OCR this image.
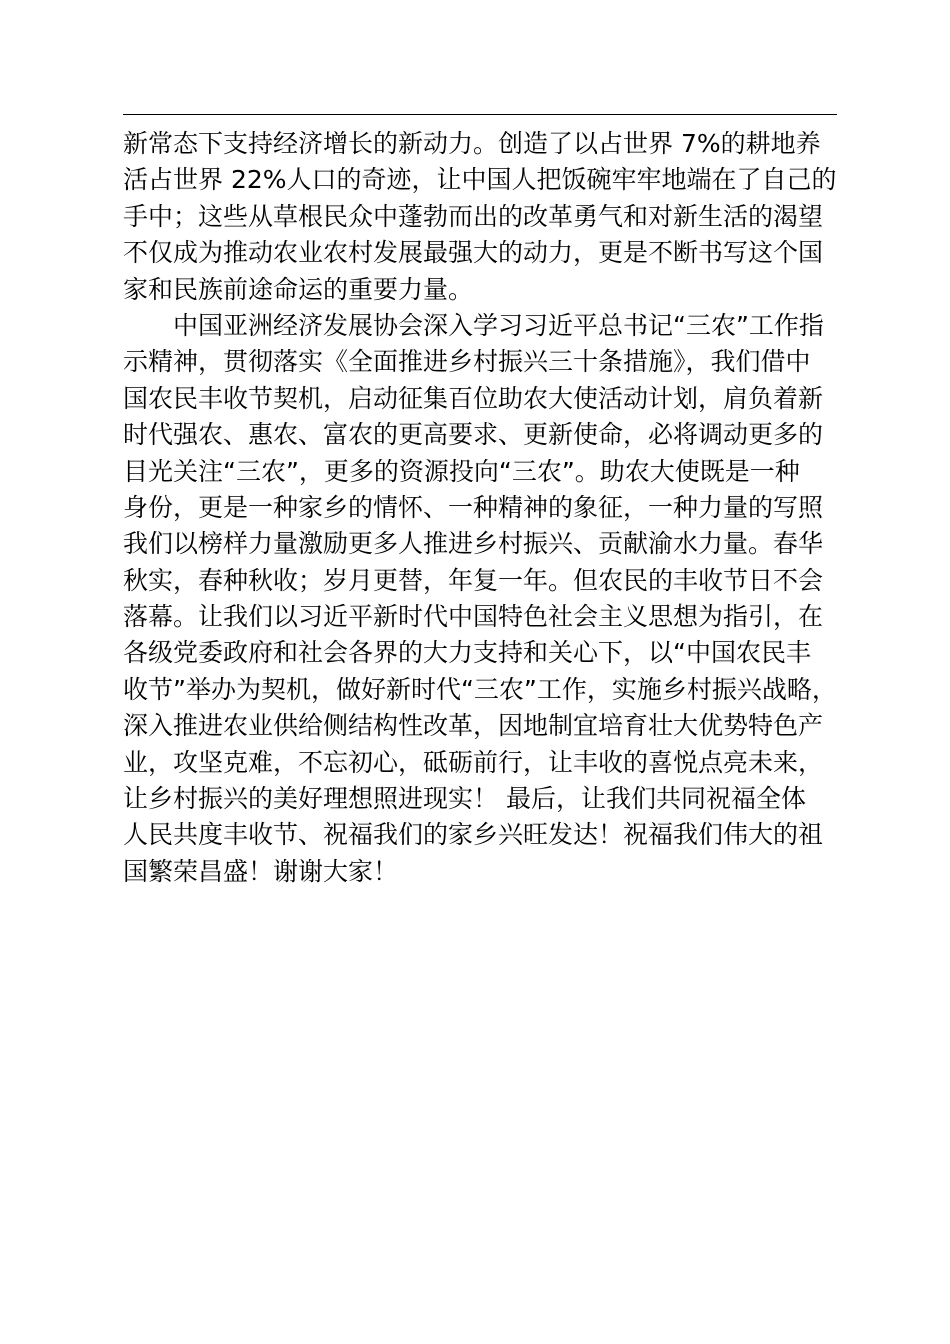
新常态下支持经济增长的新动力。创造了以占世界 7%的耕地养
活占世界 22%人口的奇迹，让中国人把饭碗牢牢地端在了自己的
手中；这些从草根民众中蓬勃而出的改革勇气和对新生活的渴望
不仅成为推动农业农村发展最强大的动力，更是不断书写这个国
家和民族前途命运的重要力量。
中国亚洲经济发展协会深入学习习近平总书记“三农”工作指
示精神，贯彻落实《全面推进乡村振兴三十条措施》，我们借中
国农民丰收节契机，启动征集百位助农大使活动计划，肩负着新
时代强农、惠农、富农的更高要求、更新使命，必将调动更多的
目光关注“三农”，更多的资源投向“三农”。助农大使既是一种
身份，更是一种家乡的情怀、一种精神的象征，一种力量的写照
我们以榜样力量激励更多人推进乡村振兴、贡献渝水力量。春华
秋实，春种秋收；岁月更替，年复一年。但农民的丰收节日不会
落幕。让我们以习近平新时代中国特色社会主义思想为指引，在
各级党委政府和社会各界的大力支持和关心下，以“中国农民丰
收节”举办为契机，做好新时代“三农”工作，实施乡村振兴战略，
深入推进农业供给侧结构性改革，因地制宜培育壮大优势特色产
业，攻坚克难，不忘初心，砥砺前行，让丰收的喜悦点亮未来，
让乡村振兴的美好理想照进现实！ 最后，让我们共同祝福全体
人民共度丰收节、祝福我们的家乡兴旺发达！祝福我们伟大的祖
国繁荣昌盛！谢谢大家！
